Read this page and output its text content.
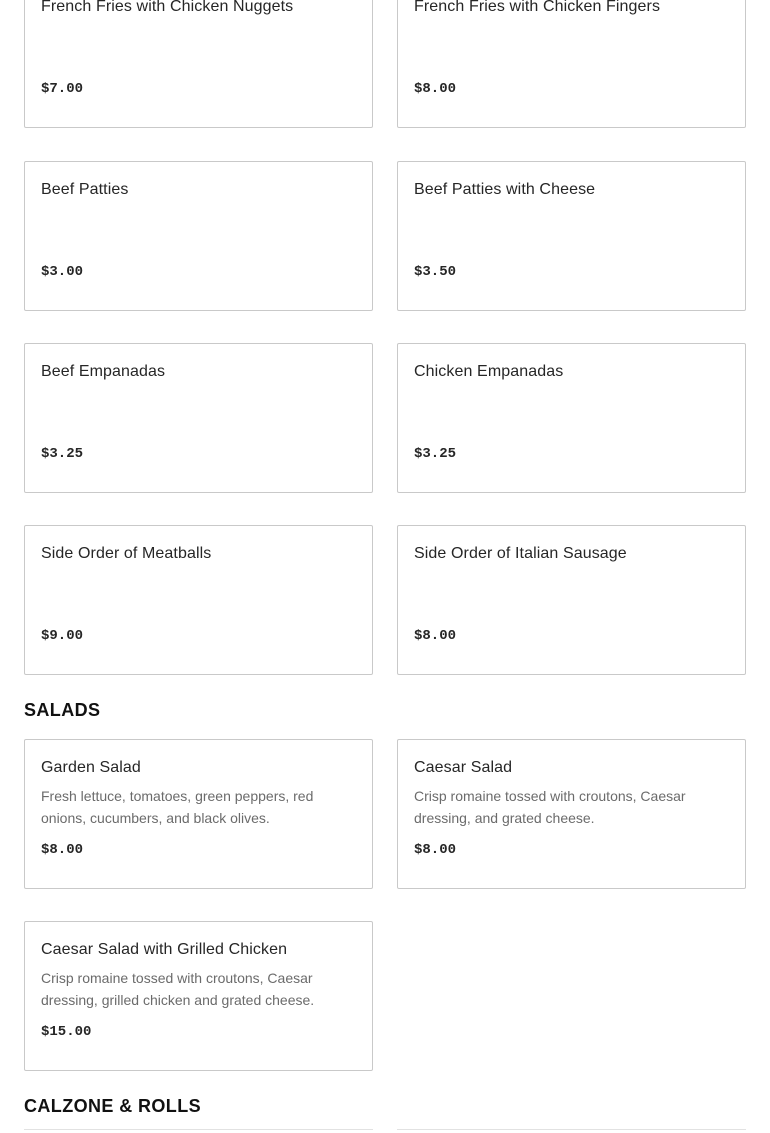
French Fries with Chicken Nuggets
$7.00
French Fries with Chicken Fingers
$8.00
Beef Patties
$3.00
Beef Patties with Cheese
$3.50
Beef Empanadas
$3.25
Chicken Empanadas
$3.25
Side Order of Meatballs
$9.00
Side Order of Italian Sausage
$8.00
SALADS
Garden Salad
Fresh lettuce, tomatoes, green peppers, red onions, cucumbers, and black olives.
$8.00
Caesar Salad
Crisp romaine tossed with croutons, Caesar dressing, and grated cheese.
$8.00
Caesar Salad with Grilled Chicken
Crisp romaine tossed with croutons, Caesar dressing, grilled chicken and grated cheese.
$15.00
CALZONE & ROLLS
